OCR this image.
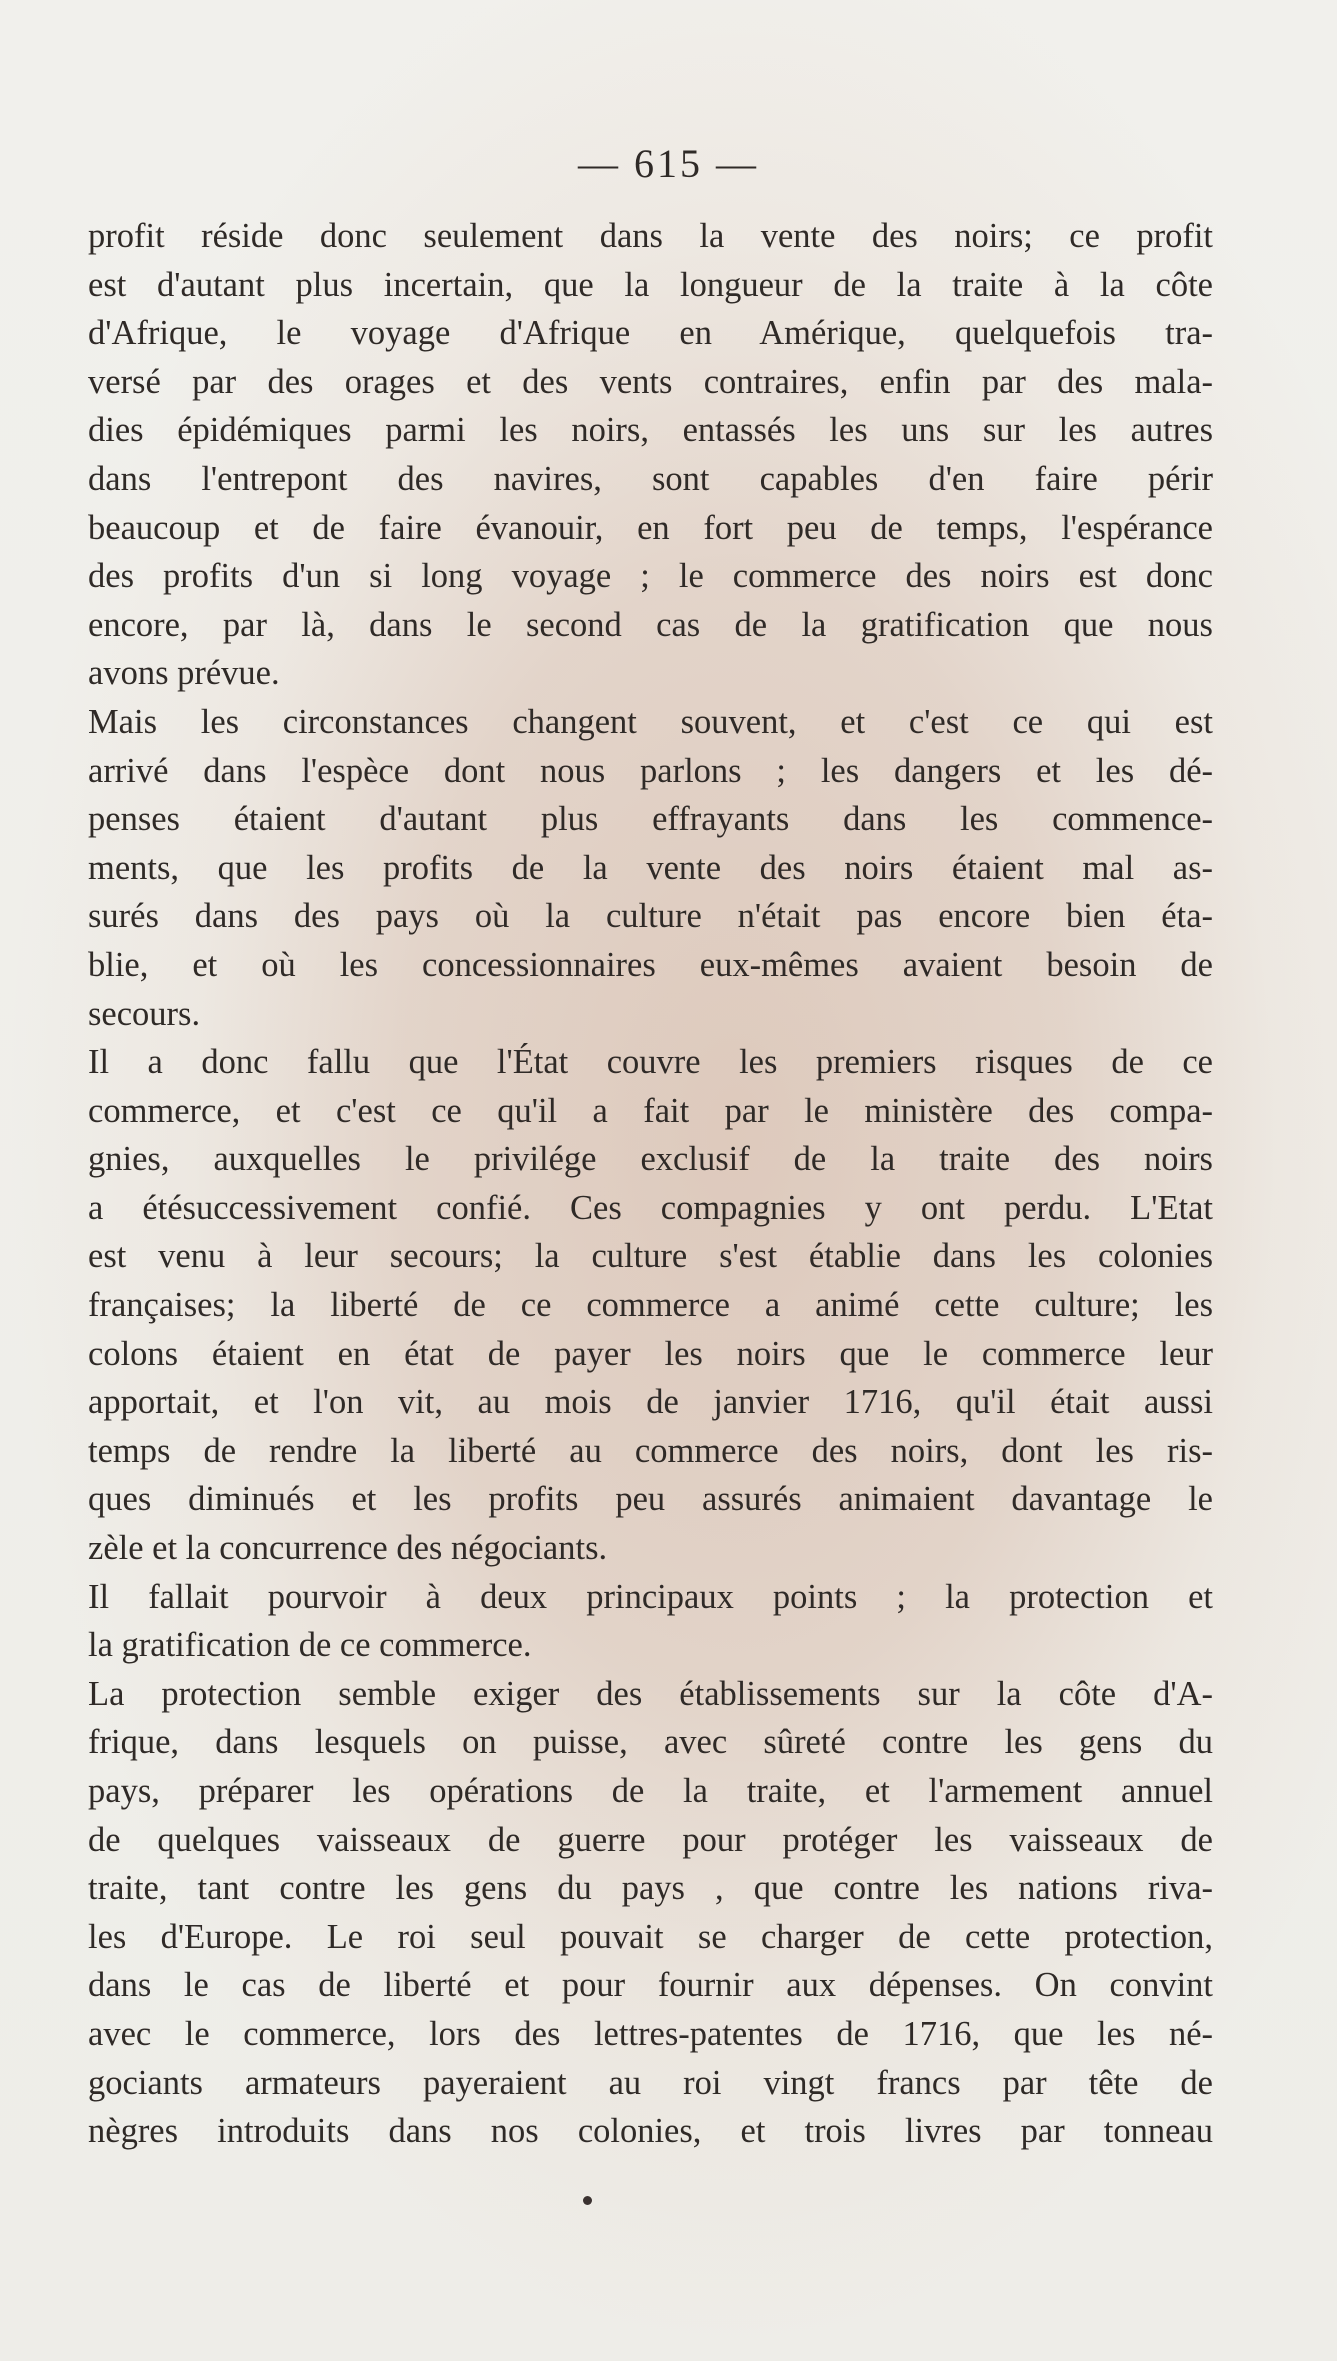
— 615 —
profit réside donc seulement dans la vente des noirs; ce profit
est d'autant plus incertain, que la longueur de la traite à la côte
d'Afrique, le voyage d'Afrique en Amérique, quelquefois tra-
versé par des orages et des vents contraires, enfin par des mala-
dies épidémiques parmi les noirs, entassés les uns sur les autres
dans l'entrepont des navires, sont capables d'en faire périr
beaucoup et de faire évanouir, en fort peu de temps, l'espérance
des profits d'un si long voyage ; le commerce des noirs est donc
encore, par là, dans le second cas de la gratification que nous
avons prévue.
Mais les circonstances changent souvent, et c'est ce qui est
arrivé dans l'espèce dont nous parlons ; les dangers et les dé-
penses étaient d'autant plus effrayants dans les commence-
ments, que les profits de la vente des noirs étaient mal as-
surés dans des pays où la culture n'était pas encore bien éta-
blie, et où les concessionnaires eux-mêmes avaient besoin de
secours.
Il a donc fallu que l'État couvre les premiers risques de ce
commerce, et c'est ce qu'il a fait par le ministère des compa-
gnies, auxquelles le privilége exclusif de la traite des noirs
a étésuccessivement confié. Ces compagnies y ont perdu. L'Etat
est venu à leur secours; la culture s'est établie dans les colonies
françaises; la liberté de ce commerce a animé cette culture; les
colons étaient en état de payer les noirs que le commerce leur
apportait, et l'on vit, au mois de janvier 1716, qu'il était aussi
temps de rendre la liberté au commerce des noirs, dont les ris-
ques diminués et les profits peu assurés animaient davantage le
zèle et la concurrence des négociants.
Il fallait pourvoir à deux principaux points ; la protection et
la gratification de ce commerce.
La protection semble exiger des établissements sur la côte d'A-
frique, dans lesquels on puisse, avec sûreté contre les gens du
pays, préparer les opérations de la traite, et l'armement annuel
de quelques vaisseaux de guerre pour protéger les vaisseaux de
traite, tant contre les gens du pays , que contre les nations riva-
les d'Europe. Le roi seul pouvait se charger de cette protection,
dans le cas de liberté et pour fournir aux dépenses. On convint
avec le commerce, lors des lettres-patentes de 1716, que les né-
gociants armateurs payeraient au roi vingt francs par tête de
nègres introduits dans nos colonies, et trois livres par tonneau
